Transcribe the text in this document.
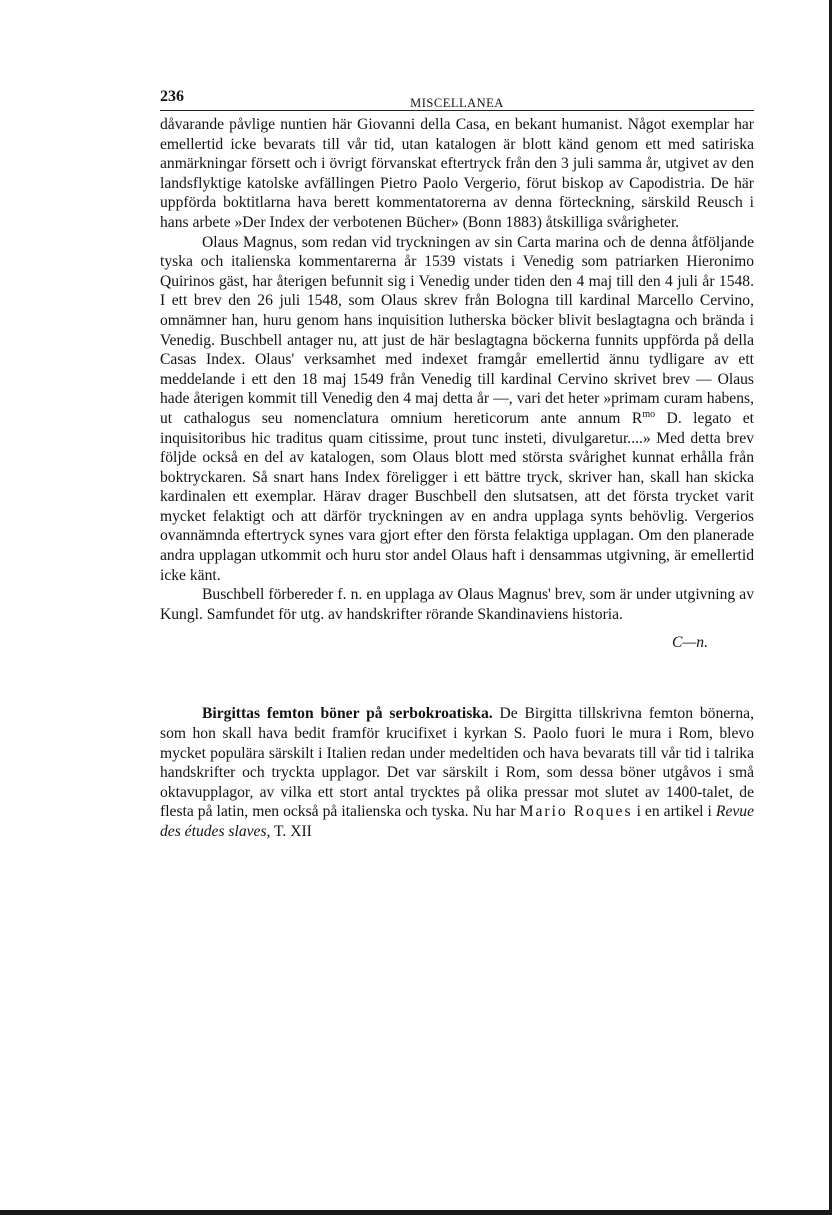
236	MISCELLANEA

dåvarande påvlige nuntien här Giovanni della Casa, en bekant humanist. Något exemplar har emellertid icke bevarats till vår tid, utan katalogen är blott känd genom ett med satiriska anmärkningar försett och i övrigt förvanskat eftertryck från den 3 juli samma år, utgivet av den landsflyktige katolske avfällingen Pietro Paolo Vergerio, förut biskop av Capodistria. De här uppförda boktitlarna hava berett kommentatorerna av denna förteckning, särskild Reusch i hans arbete »Der Index der verbotenen Bücher» (Bonn 1883) åtskilliga svårigheter.

Olaus Magnus, som redan vid tryckningen av sin Carta marina och de denna åtföljande tyska och italienska kommentarerna år 1539 vistats i Venedig som patriarken Hieronimo Quirinos gäst, har återigen befunnit sig i Venedig under tiden den 4 maj till den 4 juli år 1548. I ett brev den 26 juli 1548, som Olaus skrev från Bologna till kardinal Marcello Cervino, omnämner han, huru genom hans inquisition lutherska böcker blivit beslagtagna och brända i Venedig. Buschbell antager nu, att just de här beslagtagna böckerna funnits uppförda på della Casas Index. Olaus' verksamhet med indexet framgår emellertid ännu tydligare av ett meddelande i ett den 18 maj 1549 från Venedig till kardinal Cervino skrivet brev — Olaus hade återigen kommit till Venedig den 4 maj detta år —, vari det heter »primam curam habens, ut cathalogus seu nomenclatura omnium hereticorum ante annum $R^{mo}$ D. legato et inquisitoribus hic traditus quam citissime, prout tunc insteti, divulgaretur....» Med detta brev följde också en del av katalogen, som Olaus blott med största svårighet kunnat erhålla från boktryckaren. Så snart hans Index föreligger i ett bättre tryck, skriver han, skall han skicka kardinalen ett exemplar. Härav drager Buschbell den slutsatsen, att det första trycket varit mycket felaktigt och att därför tryckningen av en andra upplaga synts behövlig. Vergerios ovannämnda eftertryck synes vara gjort efter den första felaktiga upplagan. Om den planerade andra upplagan utkommit och huru stor andel Olaus haft i densammas utgivning, är emellertid icke känt.

Buschbell förbereder f. n. en upplaga av Olaus Magnus' brev, som är under utgivning av Kungl. Samfundet för utg. av handskrifter rörande Skandinaviens historia.

C—n.

Birgittas femton böner på serbokroatiska. De Birgitta tillskrivna femton bönerna, som hon skall hava bedit framför krucifixet i kyrkan S. Paolo fuori le mura i Rom, blevo mycket populära särskilt i Italien redan under medeltiden och hava bevarats till vår tid i talrika handskrifter och tryckta upplagor. Det var särskilt i Rom, som dessa böner utgåvos i små oktavupplagor, av vilka ett stort antal trycktes på olika pressar mot slutet av 1400-talet, de flesta på latin, men också på italienska och tyska. Nu har Mario Roques i en artikel i Revue des études slaves, T. XII
